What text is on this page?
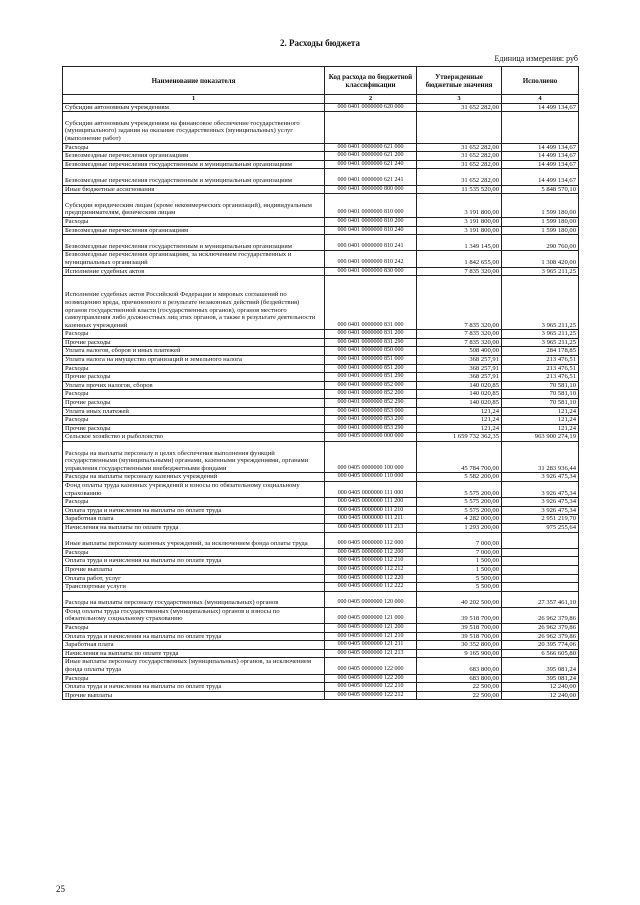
2. Расходы бюджета
Единица измерения: руб
Наименование показателя	Код расхода по бюджетной классификации	Утвержденные бюджетные значения	Исполнено
1	2	3	4
Субсидии автономным учреждениям	000 0401 0000000 620 000	31 652 282,00	14 499 134,67
Субсидии автономным учреждениям на финансовое обеспечение государственного (муниципального) задания на оказание государственных (муниципальных) услуг (выполнение работ)			
Расходы	000 0401 0000000 621 000	31 652 282,00	14 499 134,67
Безвозмездные перечисления организациям	000 0401 0000000 621 200	31 652 282,00	14 499 134,67
Безвозмездные перечисления государственным и муниципальным организациям	000 0401 0000000 621 240	31 652 282,00	14 499 134,67
Безвозмездные перечисления государственным и муниципальным организациям	000 0401 0000000 621 241	31 652 282,00	14 499 134,67
Иные бюджетные ассигнования	000 0401 0000000 800 000	11 535 520,00	5 848 570,10
Субсидии юридическим лицам (кроме некоммерческих организаций), индивидуальным предпринимателям, физическим лицам	000 0401 0000000 810 000	3 191 800,00	1 599 180,00
Расходы	000 0401 0000000 810 200	3 191 800,00	1 599 180,00
Безвозмездные перечисления организациям	000 0401 0000000 810 240	3 191 800,00	1 599 180,00
Безвозмездные перечисления государственным и муниципальным организациям	000 0401 0000000 810 241	1 349 145,00	290 760,00
Безвозмездные перечисления организациям, за исключением государственных и муниципальных организаций	000 0401 0000000 810 242	1 842 655,00	1 308 420,00
Исполнение судебных актов	000 0401 0000000 830 000	7 835 320,00	3 965 211,25
Исполнение судебных актов Российской Федерации и мировых соглашений по возмещению вреда, причиненного в результате незаконных действий (бездействия) органов государственной власти (государственных органов), органов местного самоуправления либо должностных лиц этих органов, а также в результате деятельности казенных учреждений	000 0401 0000000 831 000	7 835 320,00	3 965 211,25
Расходы	000 0401 0000000 831 200	7 835 320,00	3 965 211,25
Прочие расходы	000 0401 0000000 831 290	7 835 320,00	3 965 211,25
Уплата налогов, сборов и иных платежей	000 0401 0000000 850 000	508 400,00	284 178,85
Уплата налога на имущество организаций и земельного налога	000 0401 0000000 851 000	368 257,91	213 476,51
Расходы	000 0401 0000000 851 200	368 257,91	213 476,51
Прочие расходы	000 0401 0000000 851 290	368 257,91	213 476,51
Уплата прочих налогов, сборов	000 0401 0000000 852 000	140 020,85	70 581,10
Расходы	000 0401 0000000 852 200	140 020,85	70 581,10
Прочие расходы	000 0401 0000000 852 290	140 020,85	70 581,10
Уплата иных платежей	000 0401 0000000 853 000	121,24	121,24
Расходы	000 0401 0000000 853 200	121,24	121,24
Прочие расходы	000 0401 0000000 853 290	121,24	121,24
Сельское хозяйство и рыболовство	000 0405 0000000 000 000	1 659 732 362,35	963 900 274,19
Расходы на выплаты персоналу в целях обеспечения выполнения функций государственными (муниципальными) органами, казенными учреждениями, органами управления государственными внебюджетными фондами	000 0405 0000000 100 000	45 784 700,00	31 283 936,44
Расходы на выплаты персоналу казенных учреждений	000 0405 0000000 110 000	5 582 200,00	3 926 475,34
Фонд оплаты труда казенных учреждений и взносы по обязательному социальному страхованию	000 0405 0000000 111 000	5 575 200,00	3 926 475,34
Расходы	000 0405 0000000 111 200	5 575 200,00	3 926 475,34
Оплата труда и начисления на выплаты по оплате труда	000 0405 0000000 111 210	5 575 200,00	3 926 475,34
Заработная плата	000 0405 0000000 111 211	4 282 000,00	2 951 219,70
Начисления на выплаты по оплате труда	000 0405 0000000 111 213	1 293 200,00	975 255,64
Иные выплаты персоналу казенных учреждений, за исключением фонда оплаты труда	000 0405 0000000 112 000	7 000,00	
Расходы	000 0405 0000000 112 200	7 000,00	
Оплата труда и начисления на выплаты по оплате труда	000 0405 0000000 112 210	1 500,00	
Прочие выплаты	000 0405 0000000 112 212	1 500,00	
Оплата работ, услуг	000 0405 0000000 112 220	5 500,00	
Транспортные услуги	000 0405 0000000 112 222	5 500,00	
Расходы на выплаты персоналу государственных (муниципальных) органов	000 0405 0000000 120 000	40 202 500,00	27 357 461,10
Фонд оплаты труда государственных (муниципальных) органов и взносы по обязательному социальному страхованию	000 0405 0000000 121 000	39 518 700,00	26 962 379,86
Расходы	000 0405 0000000 121 200	39 518 700,00	26 962 379,86
Оплата труда и начисления на выплаты по оплате труда	000 0405 0000000 121 210	39 518 700,00	26 962 379,86
Заработная плата	000 0405 0000000 121 211	30 352 800,00	20 395 774,06
Начисления на выплаты по оплате труда	000 0405 0000000 121 213	9 165 900,00	6 566 605,80
Иные выплаты персоналу государственных (муниципальных) органов, за исключением фонда оплаты труда	000 0405 0000000 122 000	683 800,00	395 081,24
Расходы	000 0405 0000000 122 200	683 800,00	395 081,24
Оплата труда и начисления на выплаты по оплате труда	000 0405 0000000 122 210	22 500,00	12 240,00
Прочие выплаты	000 0405 0000000 122 212	22 500,00	12 240,00
25
